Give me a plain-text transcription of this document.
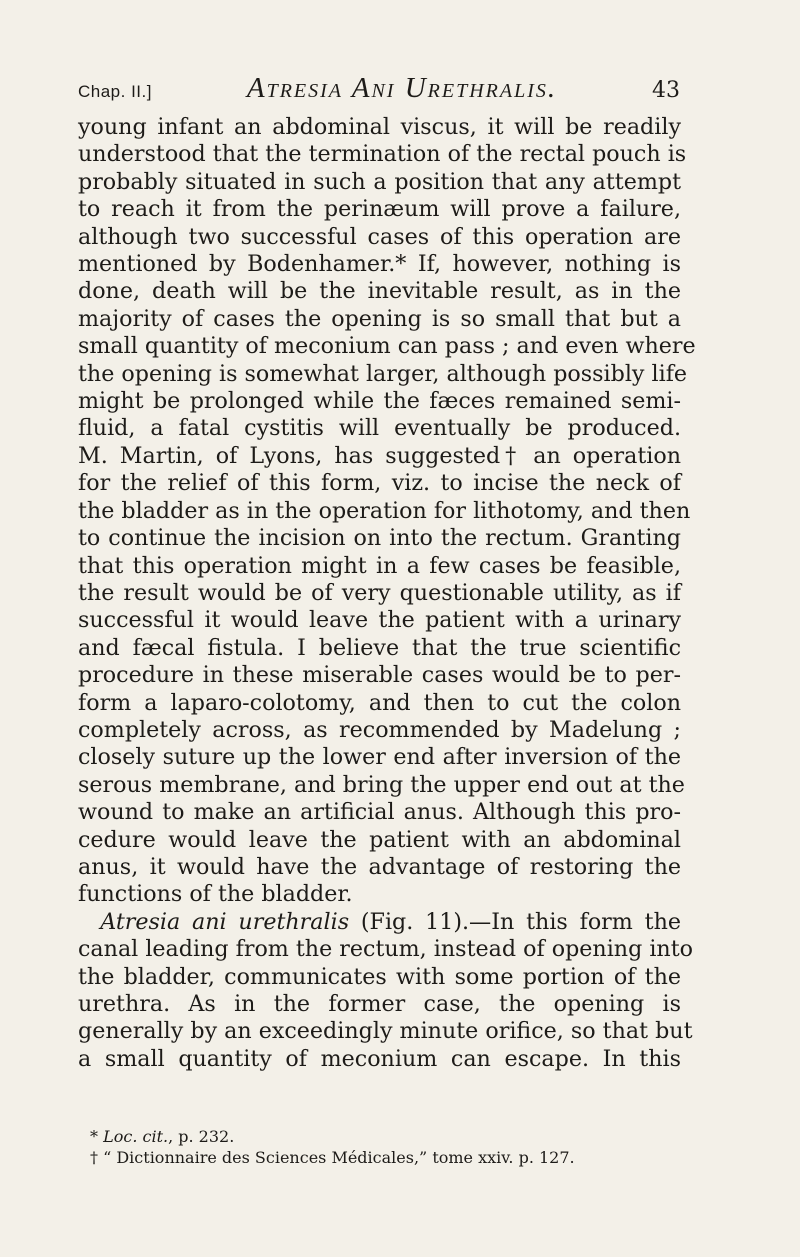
Chap. II.]	Atresia Ani Urethralis.	43

young infant an abdominal viscus, it will be readily
understood that the termination of the rectal pouch is
probably situated in such a position that any attempt
to reach it from the perinæum will prove a failure,
although two successful cases of this operation are
mentioned by Bodenhamer.* If, however, nothing is
done, death will be the inevitable result, as in the
majority of cases the opening is so small that but a
small quantity of meconium can pass ; and even where
the opening is somewhat larger, although possibly life
might be prolonged while the fæces remained semi-
fluid, a fatal cystitis will eventually be produced.
M. Martin, of Lyons, has suggested† an operation
for the relief of this form, viz. to incise the neck of
the bladder as in the operation for lithotomy, and then
to continue the incision on into the rectum. Granting
that this operation might in a few cases be feasible,
the result would be of very questionable utility, as if
successful it would leave the patient with a urinary
and fæcal fistula. I believe that the true scientific
procedure in these miserable cases would be to per-
form a laparo-colotomy, and then to cut the colon
completely across, as recommended by Madelung ;
closely suture up the lower end after inversion of the
serous membrane, and bring the upper end out at the
wound to make an artificial anus. Although this pro-
cedure would leave the patient with an abdominal
anus, it would have the advantage of restoring the
functions of the bladder.

 Atresia ani urethralis (Fig. 11).—In this form the
canal leading from the rectum, instead of opening into
the bladder, communicates with some portion of the
urethra. As in the former case, the opening is
generally by an exceedingly minute orifice, so that but
a small quantity of meconium can escape. In this

* Loc. cit., p. 232.
† “ Dictionnaire des Sciences Médicales,” tome xxiv. p. 127.
